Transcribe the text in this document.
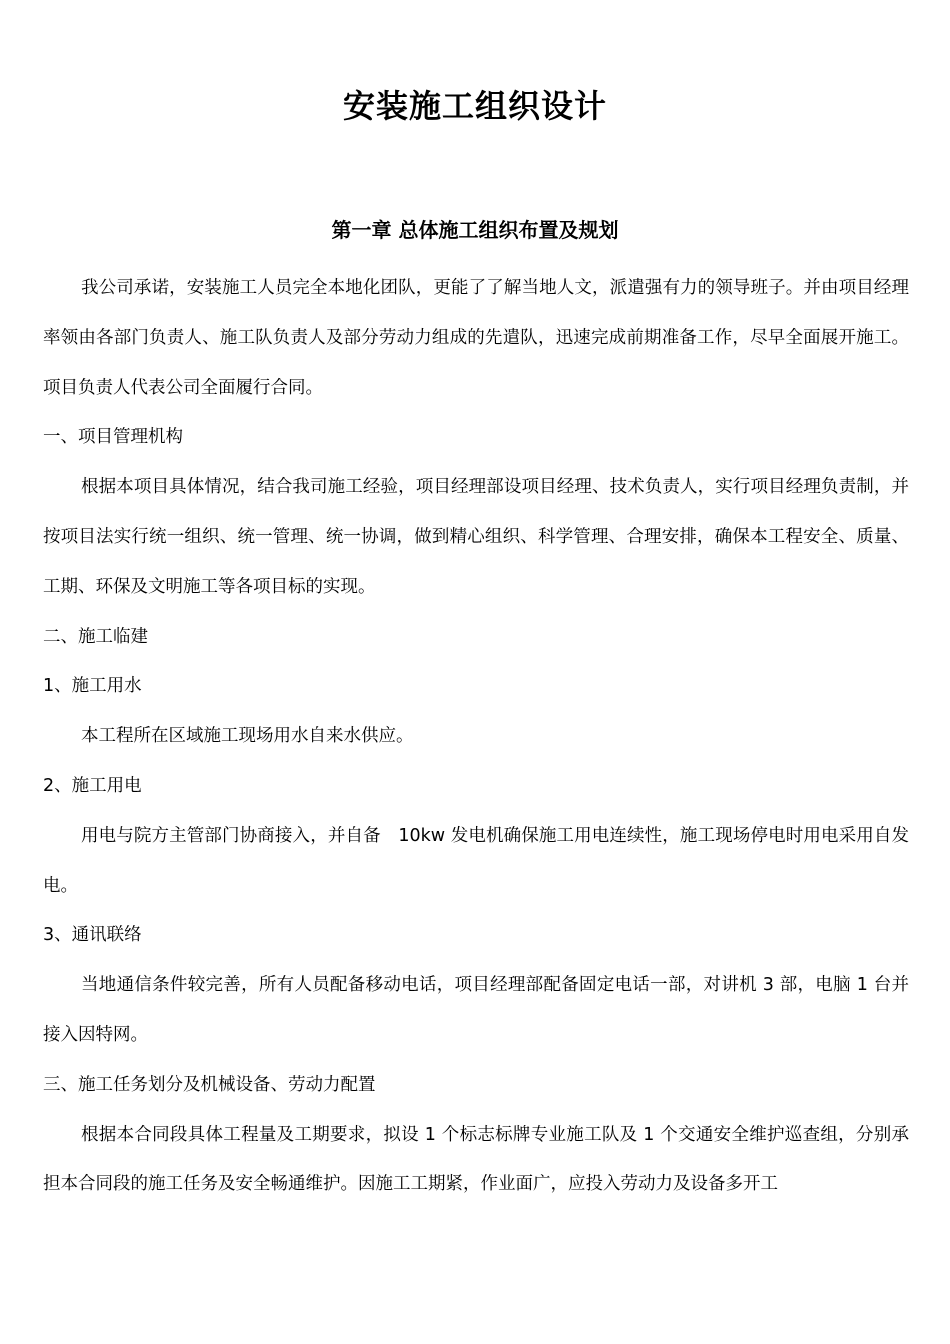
安装施工组织设计
第一章 总体施工组织布置及规划

我公司承诺，安装施工人员完全本地化团队，更能了了解当地人文，派遣强有力的领导班子。并由项目经理率领由各部门负责人、施工队负责人及部分劳动力组成的先遣队，迅速完成前期准备工作，尽早全面展开施工。项目负责人代表公司全面履行合同。

一、项目管理机构

根据本项目具体情况，结合我司施工经验，项目经理部设项目经理、技术负责人，实行项目经理负责制，并按项目法实行统一组织、统一管理、统一协调，做到精心组织、科学管理、合理安排，确保本工程安全、质量、工期、环保及文明施工等各项目标的实现。

二、施工临建

1、施工用水

本工程所在区域施工现场用水自来水供应。

2、施工用电

用电与院方主管部门协商接入，并自备　10kw 发电机确保施工用电连续性，施工现场停电时用电采用自发电。

3、通讯联络

当地通信条件较完善，所有人员配备移动电话，项目经理部配备固定电话一部，对讲机 3 部，电脑 1 台并接入因特网。

三、施工任务划分及机械设备、劳动力配置

根据本合同段具体工程量及工期要求，拟设 1 个标志标牌专业施工队及 1 个交通安全维护巡查组，分别承担本合同段的施工任务及安全畅通维护。因施工工期紧，作业面广，应投入劳动力及设备多开工
